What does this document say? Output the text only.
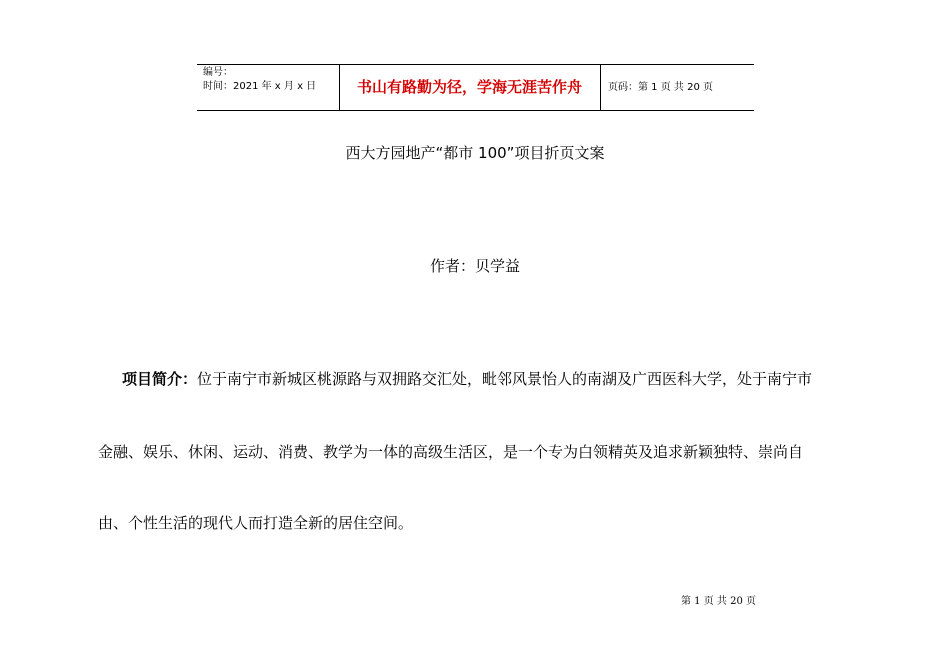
编号：
时间：2021 年 x 月 x 日	书山有路勤为径，学海无涯苦作舟	页码：第 1 页 共 20 页
西大方园地产“都市 100”项目折页文案
作者：贝学益
项目简介：位于南宁市新城区桃源路与双拥路交汇处，毗邻风景怡人的南湖及广西医科大学，处于南宁市
金融、娱乐、休闲、运动、消费、教学为一体的高级生活区，是一个专为白领精英及追求新颖独特、崇尚自
由、个性生活的现代人而打造全新的居住空间。
第 1 页 共 20 页
